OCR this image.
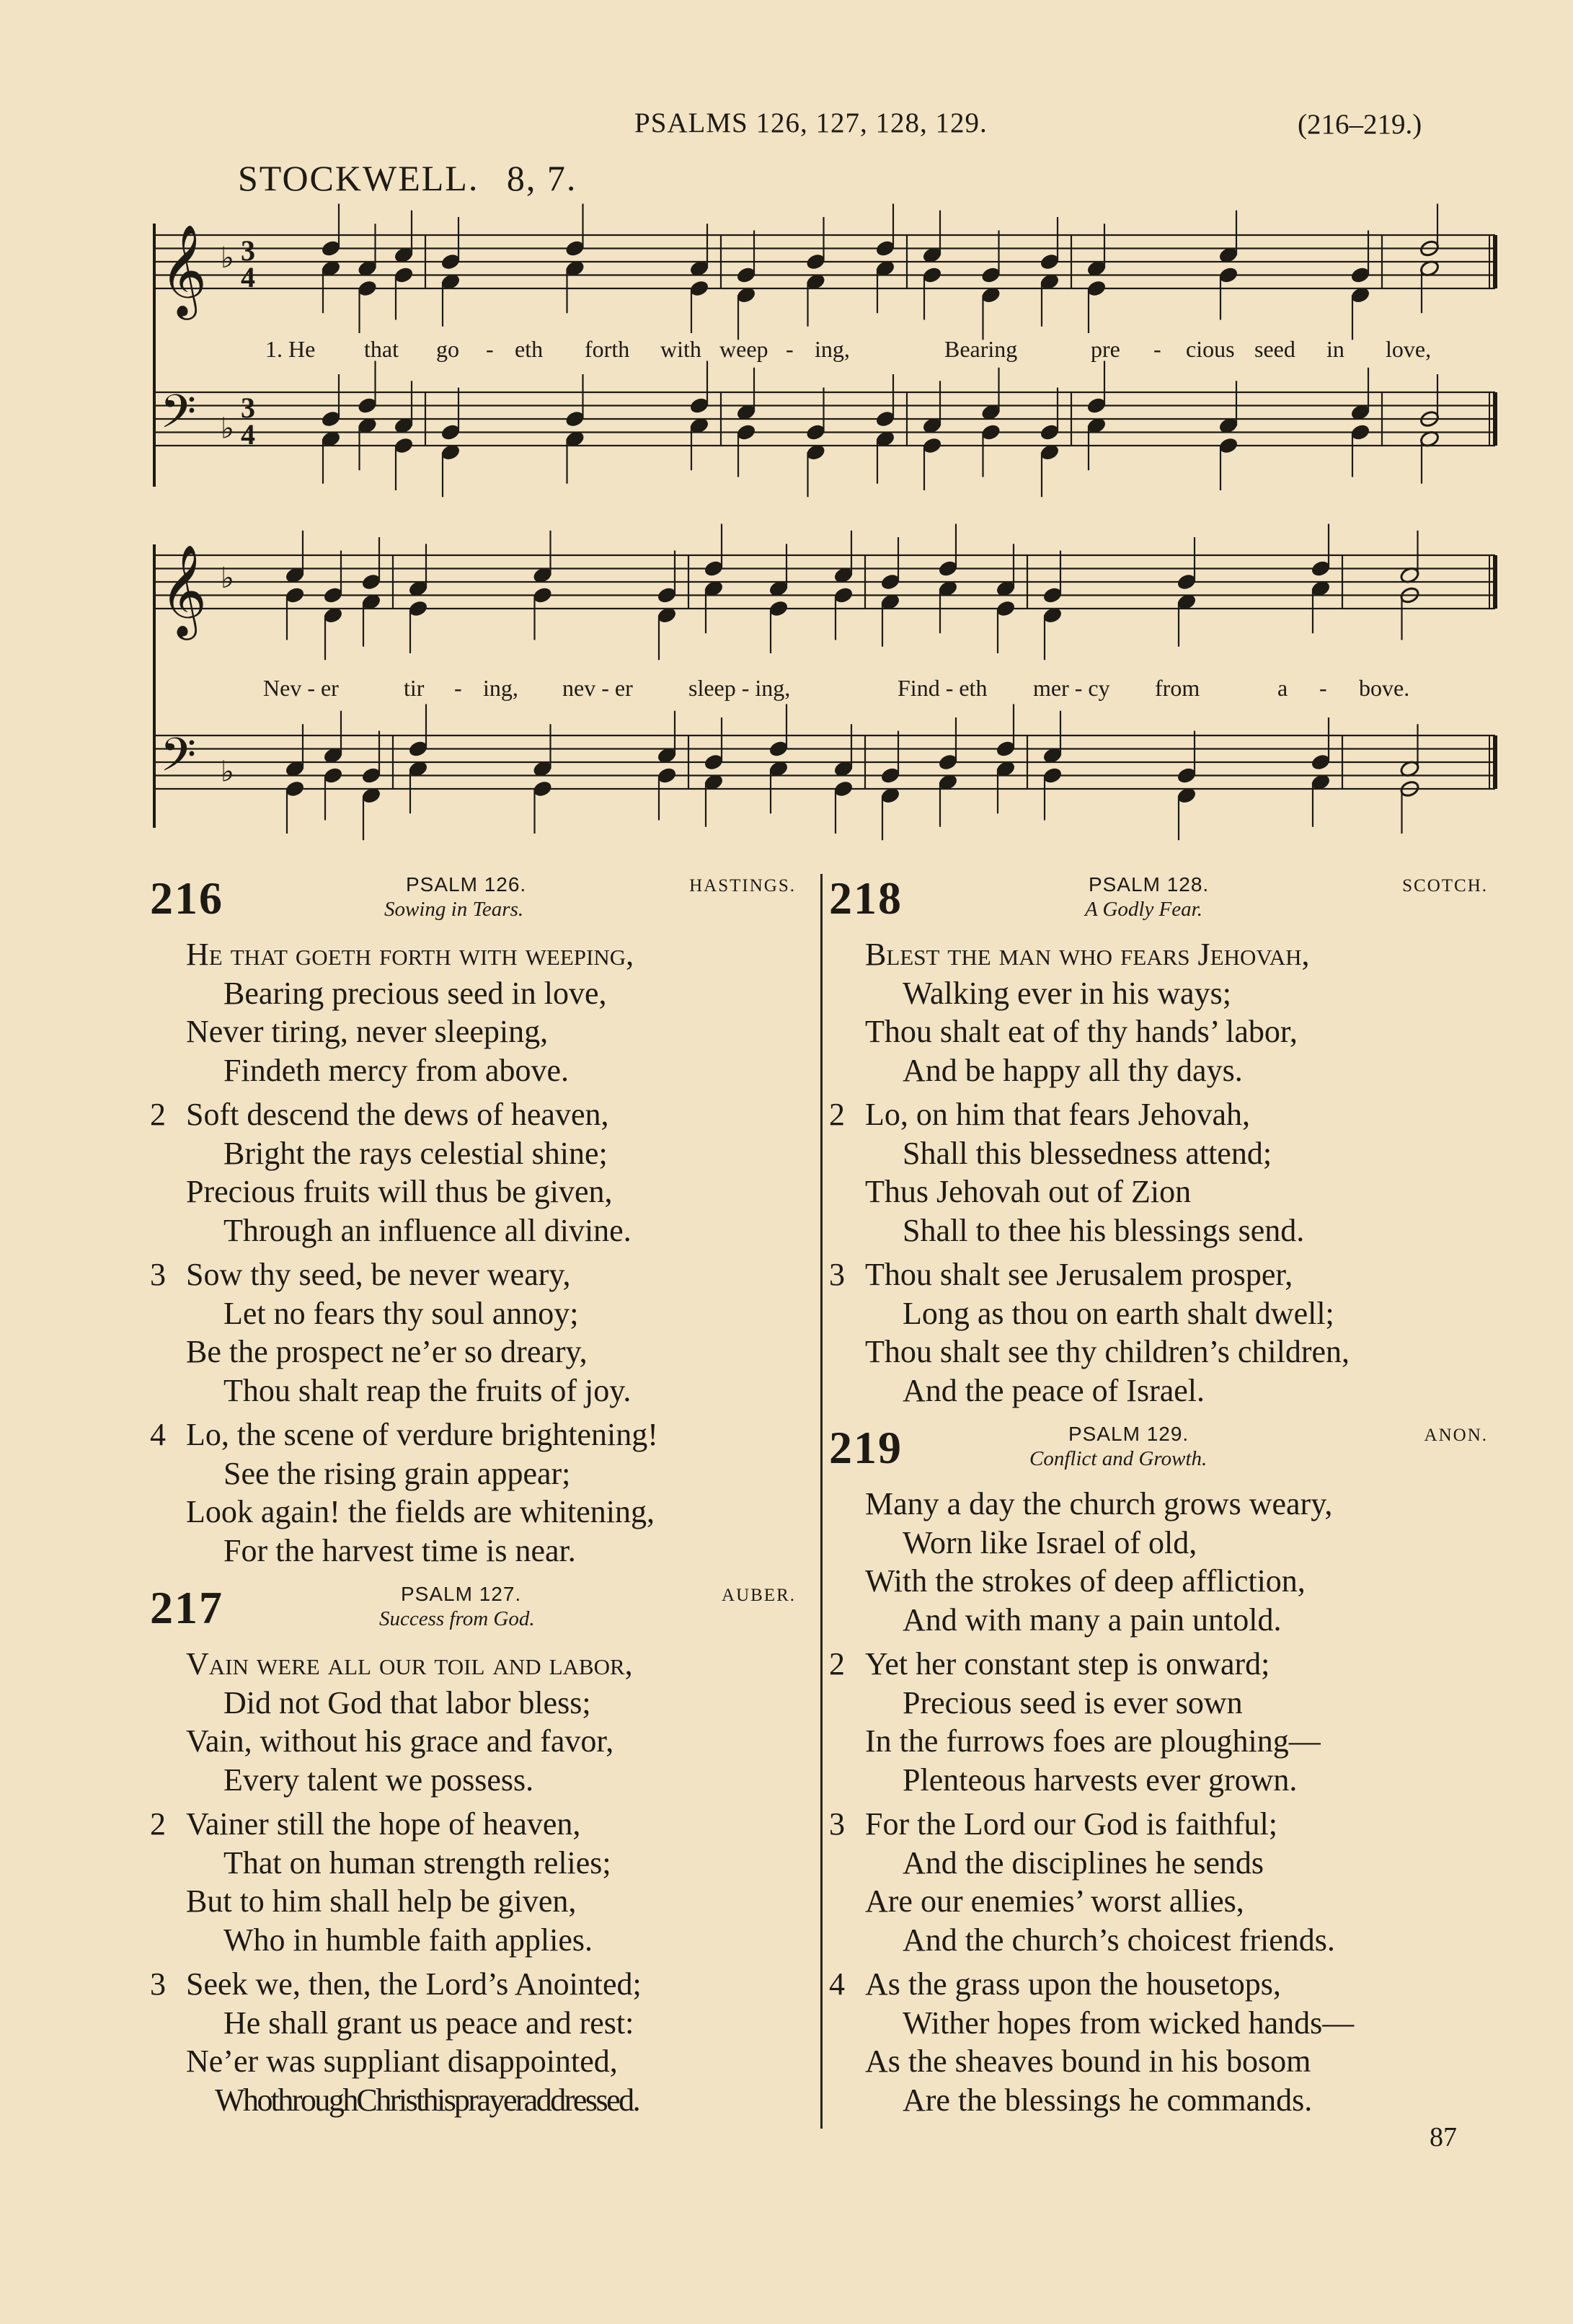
PSALMS 126, 127, 128, 129.	(216–219.)
STOCKWELL. 8, 7.
𝄞 ♭ 3
4
𝄢 ♭
3
4
𝄞 ♭
𝄢 ♭
1. He that go - eth forth with weep - ing,	Bearing	pre - cious seed in love,
Nev - er	tir - ing, nev - er sleep - ing,	Find - eth mer - cy from	a - bove.
216	PSALM 126.
Sowing in Tears.
HASTINGS.

He that goeth forth with weeping,

Bearing precious seed in love,

Never tiring, never sleeping,

Findeth mercy from above.

2 Soft descend the dews of heaven,

Bright the rays celestial shine;

Precious fruits will thus be given,

Through an influence all divine.

3 Sow thy seed, be never weary,

Let no fears thy soul annoy;

Be the prospect ne’er so dreary,

Thou shalt reap the fruits of joy.

4 Lo, the scene of verdure brightening!

See the rising grain appear;

Look again! the fields are whitening,

For the harvest time is near.

217	PSALM 127.
Success from God.
AUBER.

Vain were all our toil and labor,

Did not God that labor bless;

Vain, without his grace and favor,

Every talent we possess.

2 Vainer still the hope of heaven,

That on human strength relies;

But to him shall help be given,

Who in humble faith applies.

3 Seek we, then, the Lord’s Anointed;

He shall grant us peace and rest:

Ne’er was suppliant disappointed,

Who through Christ his prayer addressed.

218	PSALM 128.
A Godly Fear.
SCOTCH.

Blest the man who fears Jehovah,

Walking ever in his ways;

Thou shalt eat of thy hands’ labor,

And be happy all thy days.

2 Lo, on him that fears Jehovah,

Shall this blessedness attend;

Thus Jehovah out of Zion

Shall to thee his blessings send.

3 Thou shalt see Jerusalem prosper,

Long as thou on earth shalt dwell;

Thou shalt see thy children’s children,

And the peace of Israel.

219	PSALM 129.
Conflict and Growth.
ANON.

Many a day the church grows weary,

Worn like Israel of old,

With the strokes of deep affliction,

And with many a pain untold.

2 Yet her constant step is onward;

Precious seed is ever sown

In the furrows foes are ploughing—

Plenteous harvests ever grown.

3 For the Lord our God is faithful;

And the disciplines he sends

Are our enemies’ worst allies,

And the church’s choicest friends.

4 As the grass upon the housetops,

Wither hopes from wicked hands—

As the sheaves bound in his bosom

Are the blessings he commands.

87
